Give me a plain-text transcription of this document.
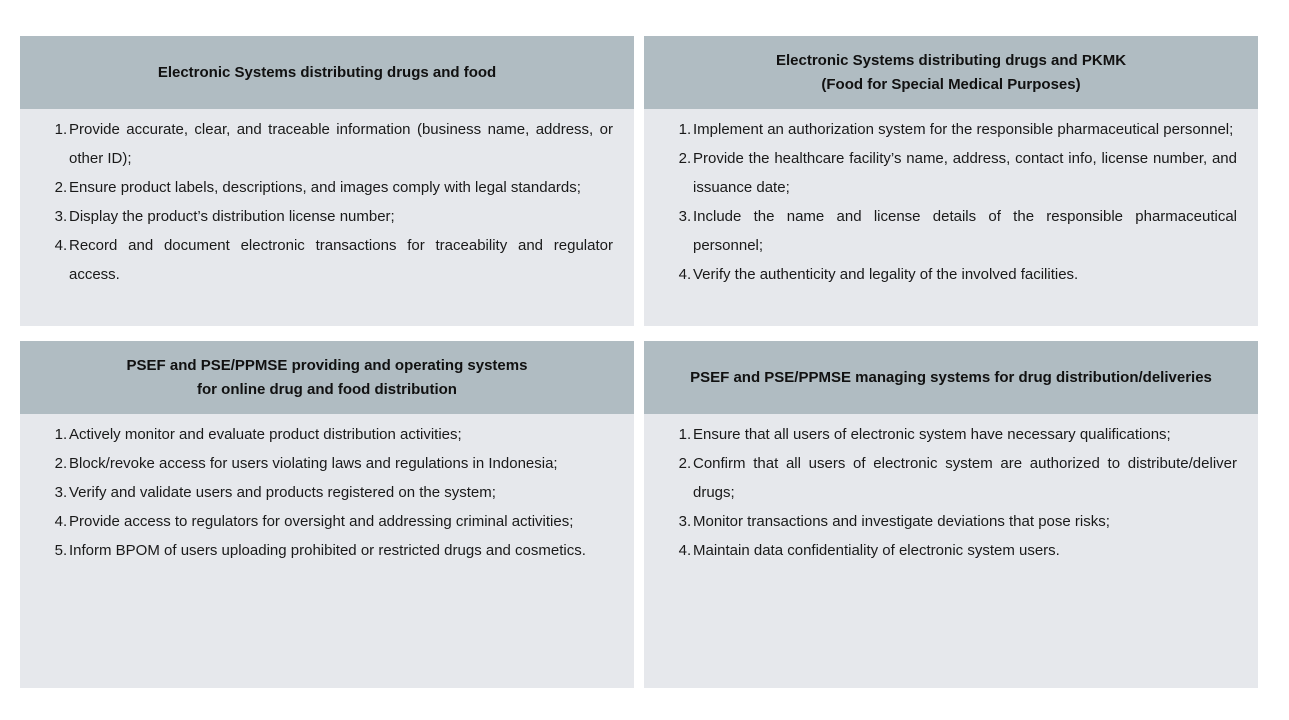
Electronic Systems distributing drugs and food
1 . Provide accurate, clear, and traceable information (business name, address, or other ID);
2 . Ensure product labels, descriptions, and images comply with legal standards;
3 . Display the product’s distribution license number;
4 . Record and document electronic transactions for traceability and regulator access.
Electronic Systems distributing drugs and PKMK
(Food for Special Medical Purposes)
1 . Implement an authorization system for the responsible pharmaceutical personnel;
2 . Provide the healthcare facility’s name, address, contact info, license number, and issuance date;
3 . Include the name and license details of the responsible pharmaceutical personnel;
4 . Verify the authenticity and legality of the involved facilities.
PSEF and PSE/PPMSE providing and operating systems
for online drug and food distribution
1 . Actively monitor and evaluate product distribution activities;
2 . Block/revoke access for users violating laws and regulations in Indonesia;
3 . Verify and validate users and products registered on the system;
4 . Provide access to regulators for oversight and addressing criminal activities;
5 . Inform BPOM of users uploading prohibited or restricted drugs and cosmetics.
PSEF and PSE/PPMSE managing systems for drug distribution/deliveries
1 . Ensure that all users of electronic system have necessary qualifications;
2 . Confirm that all users of electronic system are authorized to distribute/deliver drugs;
3 . Monitor transactions and investigate deviations that pose risks;
4 . Maintain data confidentiality of electronic system users.
